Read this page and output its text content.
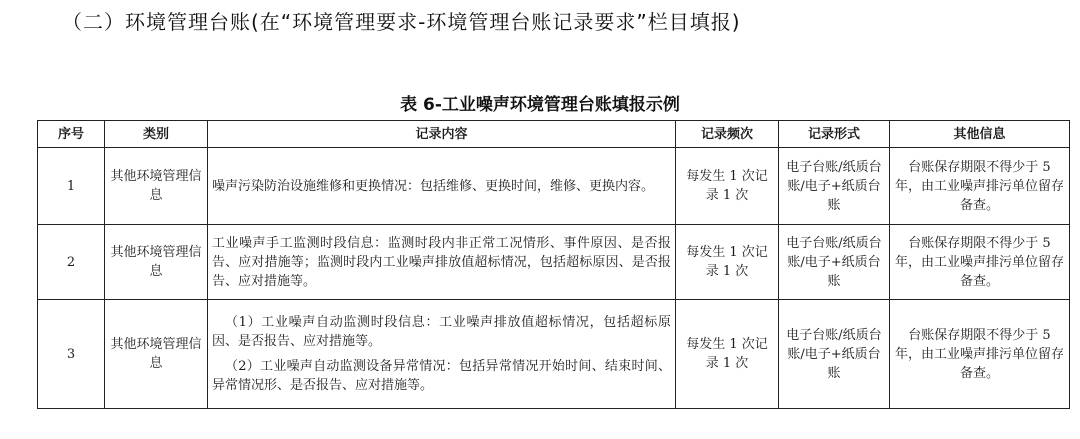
（二）环境管理台账(在“环境管理要求-环境管理台账记录要求”栏目填报)
表 6-工业噪声环境管理台账填报示例
序号	类别	记录内容	记录频次	记录形式	其他信息
1	其他环境管理信息	噪声污染防治设施维修和更换情况：包括维修、更换时间，维修、更换内容。	每发生 1 次记录 1 次	电子台账/纸质台账/电子+纸质台账	台账保存期限不得少于 5 年，由工业噪声排污单位留存备查。
2	其他环境管理信息	工业噪声手工监测时段信息：监测时段内非正常工况情形、事件原因、是否报告、应对措施等；监测时段内工业噪声排放值超标情况，包括超标原因、是否报告、应对措施等。	每发生 1 次记录 1 次	电子台账/纸质台账/电子+纸质台账	台账保存期限不得少于 5 年，由工业噪声排污单位留存备查。
3	其他环境管理信息	（1）工业噪声自动监测时段信息：工业噪声排放值超标情况，包括超标原因、是否报告、应对措施等。
（2）工业噪声自动监测设备异常情况：包括异常情况开始时间、结束时间、异常情况形、是否报告、应对措施等。	每发生 1 次记录 1 次	电子台账/纸质台账/电子+纸质台账	台账保存期限不得少于 5 年，由工业噪声排污单位留存备查。
